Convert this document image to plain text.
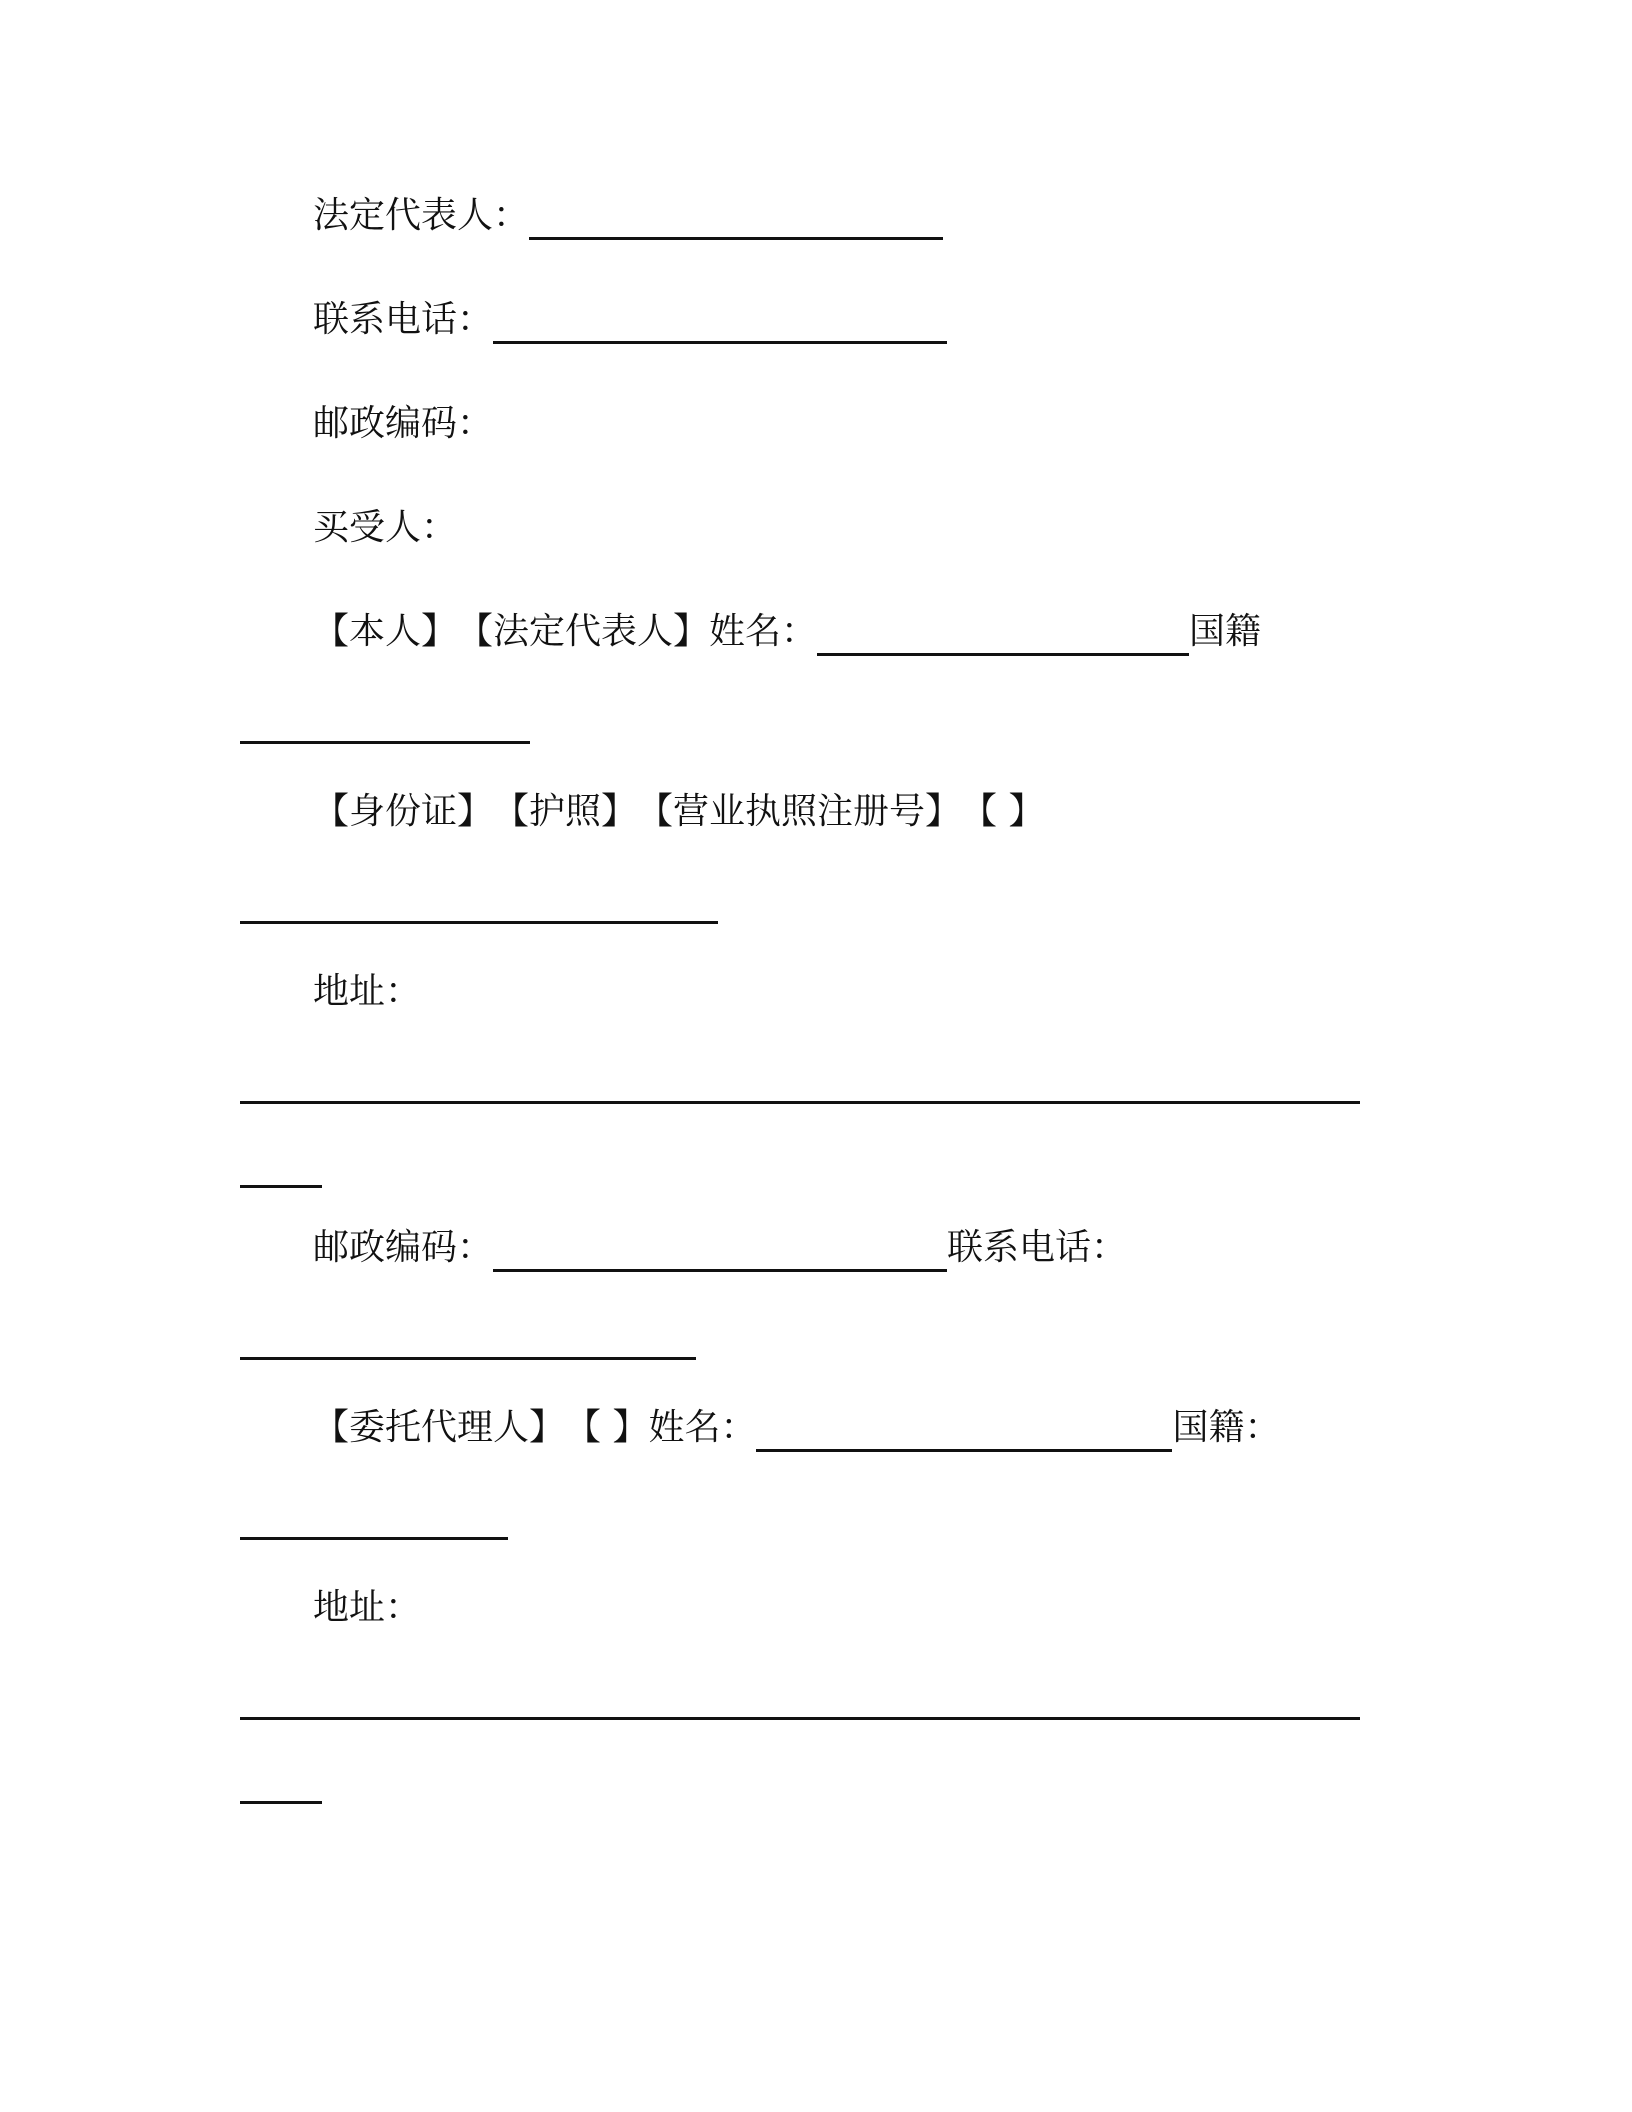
法定代表人：
联系电话：
邮政编码：
买受人：
【本人】【法定代表人】姓名：	国籍
【身份证】【护照】【营业执照注册号】【 】
地址：
邮政编码：	联系电话：
【委托代理人】【 】姓名：	国籍：
地址：
